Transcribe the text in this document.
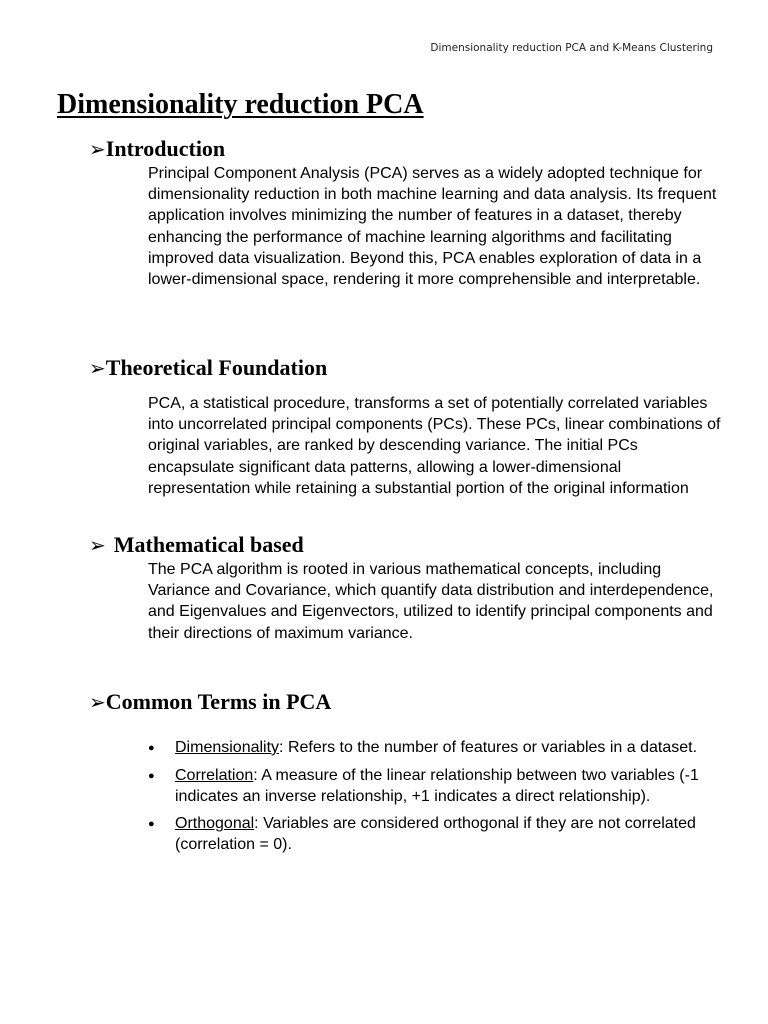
Dimensionality reduction PCA and K-Means Clustering
Dimensionality reduction PCA
➢Introduction

Principal Component Analysis (PCA) serves as a widely adopted technique for dimensionality reduction in both machine learning and data analysis. Its frequent application involves minimizing the number of features in a dataset, thereby enhancing the performance of machine learning algorithms and facilitating improved data visualization. Beyond this, PCA enables exploration of data in a lower-dimensional space, rendering it more comprehensible and interpretable.

➢Theoretical Foundation

PCA, a statistical procedure, transforms a set of potentially correlated variables into uncorrelated principal components (PCs). These PCs, linear combinations of original variables, are ranked by descending variance. The initial PCs encapsulate significant data patterns, allowing a lower-dimensional representation while retaining a substantial portion of the original information

➢ Mathematical based

The PCA algorithm is rooted in various mathematical concepts, including Variance and Covariance, which quantify data distribution and interdependence, and Eigenvalues and Eigenvectors, utilized to identify principal components and their directions of maximum variance.

➢Common Terms in PCA
● Dimensionality: Refers to the number of features or variables in a dataset.
● Correlation: A measure of the linear relationship between two variables (-1 indicates an inverse relationship, +1 indicates a direct relationship).
● Orthogonal: Variables are considered orthogonal if they are not correlated (correlation = 0).
